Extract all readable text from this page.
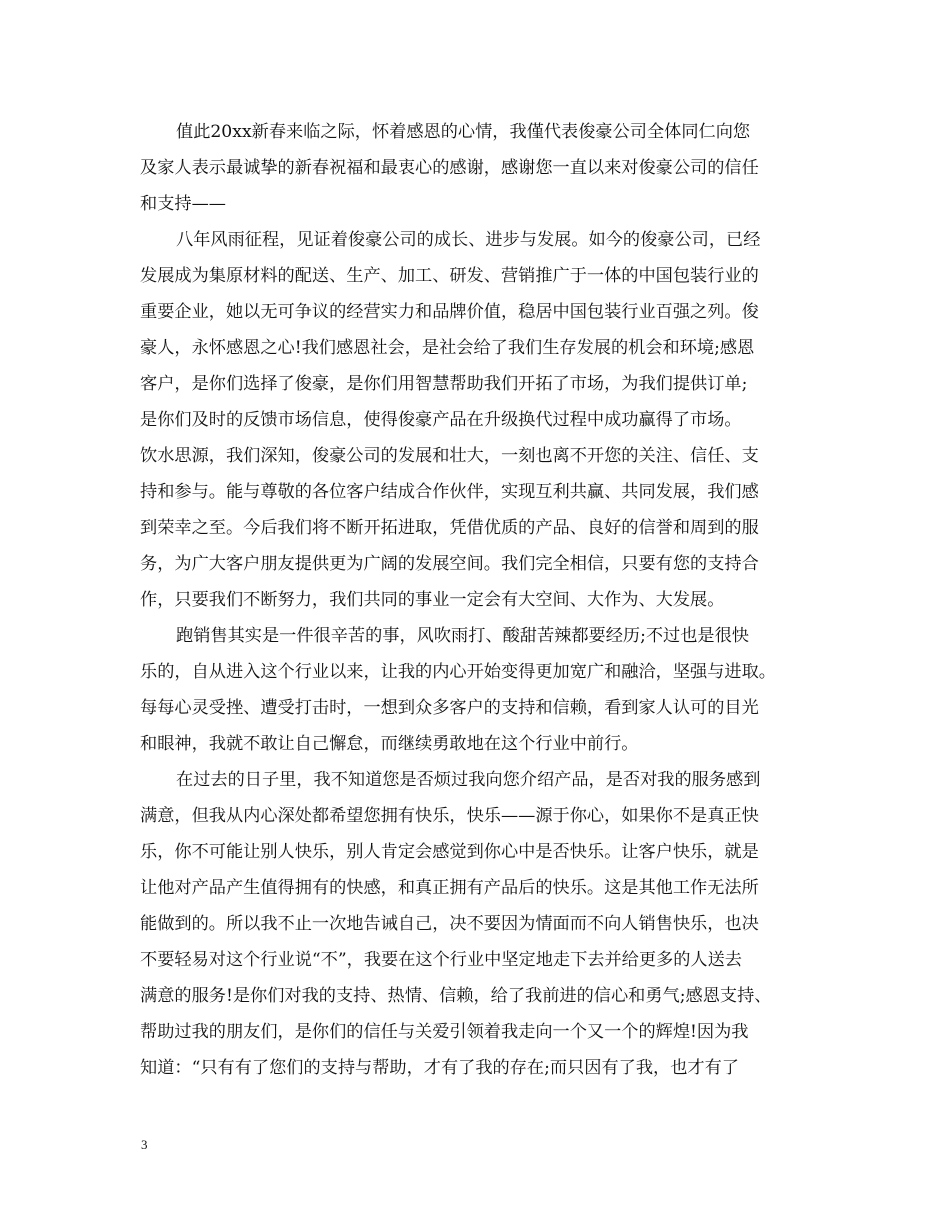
值此20xx新春来临之际，怀着感恩的心情，我僅代表俊豪公司全体同仁向您
及家人表示最诚挚的新春祝福和最衷心的感谢，感谢您一直以来对俊豪公司的信任
和支持——
八年风雨征程，见证着俊豪公司的成长、进步与发展。如今的俊豪公司，已经
发展成为集原材料的配送、生产、加工、研发、营销推广于一体的中国包装行业的
重要企业，她以无可争议的经营实力和品牌价值，稳居中国包装行业百强之列。俊
豪人，永怀感恩之心!我们感恩社会，是社会给了我们生存发展的机会和环境;感恩
客户，是你们选择了俊豪，是你们用智慧帮助我们开拓了市场，为我们提供订单;
是你们及时的反馈市场信息，使得俊豪产品在升级换代过程中成功赢得了市场。
饮水思源，我们深知，俊豪公司的发展和壮大，一刻也离不开您的关注、信任、支
持和参与。能与尊敬的各位客户结成合作伙伴，实现互利共赢、共同发展，我们感
到荣幸之至。今后我们将不断开拓进取，凭借优质的产品、良好的信誉和周到的服
务，为广大客户朋友提供更为广阔的发展空间。我们完全相信，只要有您的支持合
作，只要我们不断努力，我们共同的事业一定会有大空间、大作为、大发展。
跑销售其实是一件很辛苦的事，风吹雨打、酸甜苦辣都要经历;不过也是很快
乐的，自从进入这个行业以来，让我的内心开始变得更加宽广和融洽，坚强与进取。
每每心灵受挫、遭受打击时，一想到众多客户的支持和信赖，看到家人认可的目光
和眼神，我就不敢让自己懈怠，而继续勇敢地在这个行业中前行。
在过去的日子里，我不知道您是否烦过我向您介绍产品，是否对我的服务感到
满意，但我从内心深处都希望您拥有快乐，快乐——源于你心，如果你不是真正快
乐，你不可能让别人快乐，别人肯定会感觉到你心中是否快乐。让客户快乐，就是
让他对产品产生值得拥有的快感，和真正拥有产品后的快乐。这是其他工作无法所
能做到的。所以我不止一次地告诫自己，决不要因为情面而不向人销售快乐，也决
不要轻易对这个行业说“不”，我要在这个行业中坚定地走下去并给更多的人送去
满意的服务!是你们对我的支持、热情、信赖，给了我前进的信心和勇气;感恩支持、
帮助过我的朋友们，是你们的信任与关爱引领着我走向一个又一个的辉煌!因为我
知道：“只有有了您们的支持与帮助，才有了我的存在;而只因有了我，也才有了
3
